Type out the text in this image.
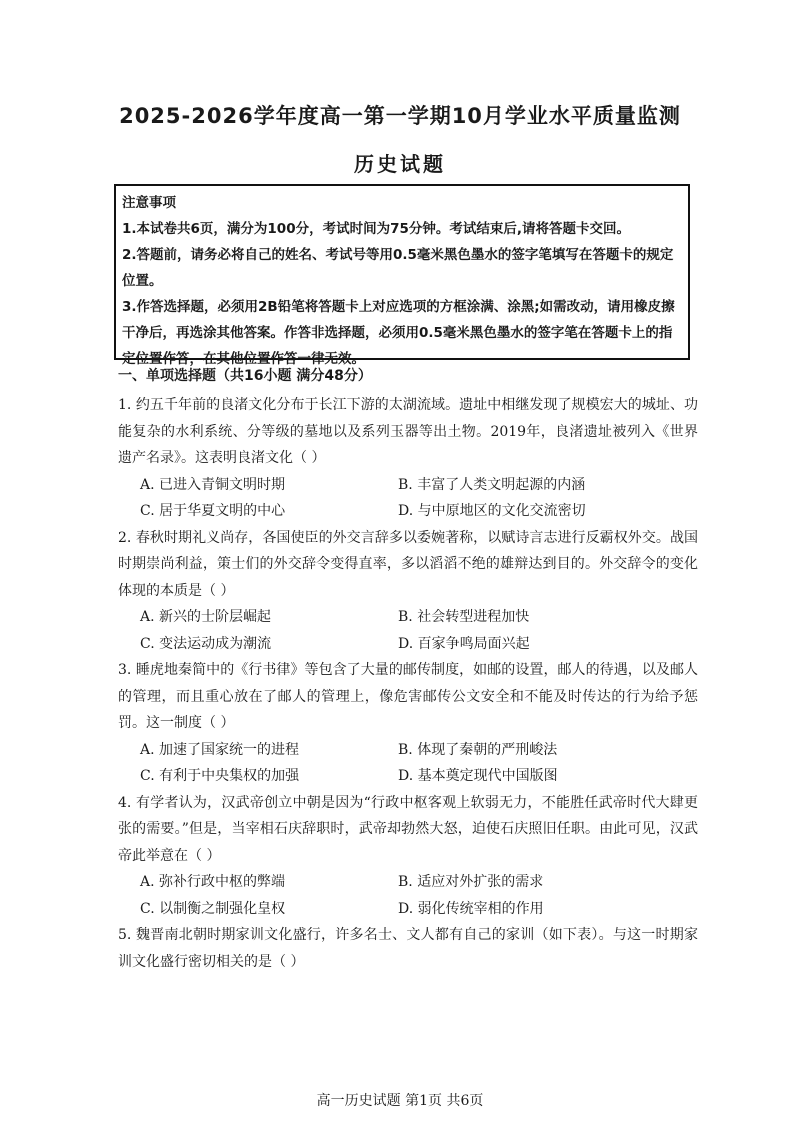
2025-2026学年度高一第一学期10月学业水平质量监测
历史试题
注意事项
1.本试卷共6页，满分为100分，考试时间为75分钟。考试结束后,请将答题卡交回。
2.答题前，请务必将自己的姓名、考试号等用0.5毫米黑色墨水的签字笔填写在答题卡的规定位置。
3.作答选择题，必须用2B铅笔将答题卡上对应选项的方框涂满、涂黑;如需改动，请用橡皮擦干净后，再选涂其他答案。作答非选择题，必须用0.5毫米黑色墨水的签字笔在答题卡上的指定位置作答，在其他位置作答一律无效。
一、单项选择题（共16小题 满分48分）

1. 约五千年前的良渚文化分布于长江下游的太湖流域。遗址中相继发现了规模宏大的城址、功能复杂的水利系统、分等级的墓地以及系列玉器等出土物。2019年，良渚遗址被列入《世界遗产名录》。这表明良渚文化（ ）

A. 已进入青铜文明时期	B. 丰富了人类文明起源的内涵
C. 居于华夏文明的中心	D. 与中原地区的文化交流密切

2. 春秋时期礼义尚存，各国使臣的外交言辞多以委婉著称，以赋诗言志进行反霸权外交。战国时期崇尚利益，策士们的外交辞令变得直率，多以滔滔不绝的雄辩达到目的。外交辞令的变化体现的本质是（ ）

A. 新兴的士阶层崛起	B. 社会转型进程加快
C. 变法运动成为潮流	D. 百家争鸣局面兴起

3. 睡虎地秦简中的《行书律》等包含了大量的邮传制度，如邮的设置，邮人的待遇，以及邮人的管理，而且重心放在了邮人的管理上，像危害邮传公文安全和不能及时传达的行为给予惩罚。这一制度（ ）

A. 加速了国家统一的进程	B. 体现了秦朝的严刑峻法
C. 有利于中央集权的加强	D. 基本奠定现代中国版图

4. 有学者认为，汉武帝创立中朝是因为“行政中枢客观上软弱无力，不能胜任武帝时代大肆更张的需要。”但是，当宰相石庆辞职时，武帝却勃然大怒，迫使石庆照旧任职。由此可见，汉武帝此举意在（ ）

A. 弥补行政中枢的弊端	B. 适应对外扩张的需求
C. 以制衡之制强化皇权	D. 弱化传统宰相的作用

5. 魏晋南北朝时期家训文化盛行，许多名士、文人都有自己的家训（如下表）。与这一时期家训文化盛行密切相关的是（ ）

高一历史试题 第1页 共6页
